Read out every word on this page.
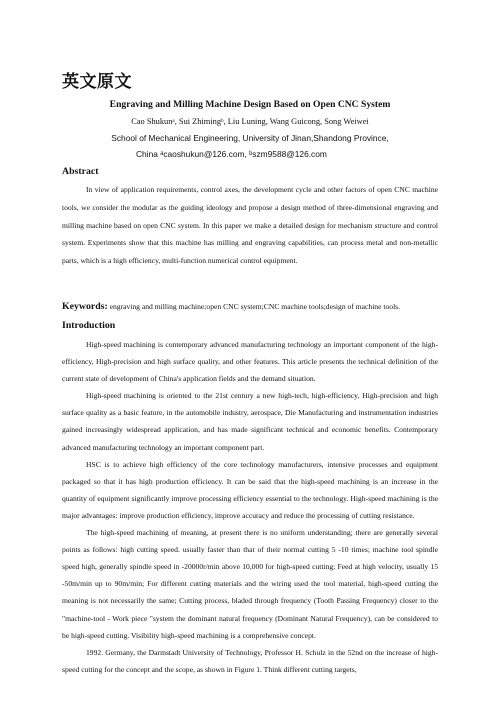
英文原文
Engraving and Milling Machine Design Based on Open CNC System
Cao Shukunᵃ, Sui Zhimingᵇ, Liu Luning, Wang Guicong, Song Weiwei
School of Mechanical Engineering, University of Jinan,Shandong Province,
China ᵃcaoshukun@126.com, ᵇszm9588@126.com
Abstract

In view of application requirements, control axes, the development cycle and other factors of open CNC machine tools, we consider the modular as the guiding ideology and propose a design method of three-dimensional engraving and milling machine based on open CNC system. In this paper we make a detailed design for mechanism structure and control system. Experiments show that this machine has milling and engraving capabilities, can process metal and non-metallic parts, which is a high efficiency, multi-function numerical control equipment.

Keywords: engraving and milling machine;open CNC system;CNC machine tools;design of machine tools.
Introduction

High-speed machining is contemporary advanced manufacturing technology an important component of the high-efficiency, High-precision and high surface quality, and other features. This article presents the technical definition of the current state of development of China's application fields and the demand situation.

High-speed machining is oriented to the 21st century a new high-tech, high-efficiency, High-precision and high surface quality as a basic feature, in the automobile industry, aerospace, Die Manufacturing and instrumentation industries gained increasingly widespread application, and has made significant technical and economic benefits. Contemporary advanced manufacturing technology an important component part.

HSC is to achieve high efficiency of the core technology manufacturers, intensive processes and equipment packaged so that it has high production efficiency. It can be said that the high-speed machining is an increase in the quantity of equipment significantly improve processing efficiency essential to the technology. High-speed machining is the major advantages: improve production efficiency, improve accuracy and reduce the processing of cutting resistance.

The high-speed machining of meaning, at present there is no uniform understanding; there are generally several points as follows: high cutting speed. usually faster than that of their normal cutting 5 -10 times; machine tool spindle speed high, generally spindle speed in -20000r/min above 10,000 for high-speed cutting; Feed at high velocity, usually 15 -50m/min up to 90m/min; For different cutting materials and the wiring used the tool material, high-speed cutting the meaning is not necessarily the same; Cutting process, bladed through frequency (Tooth Passing Frequency) closer to the "machine-tool - Work piece "system the dominant natural frequency (Dominant Natural Frequency), can be considered to be high-speed cutting. Visibility high-speed machining is a comprehensive concept.

1992. Germany, the Darmstadt University of Technology, Professor H. Schulz in the 52nd on the increase of high-speed cutting for the concept and the scope, as shown in Figure 1. Think different cutting targets,
